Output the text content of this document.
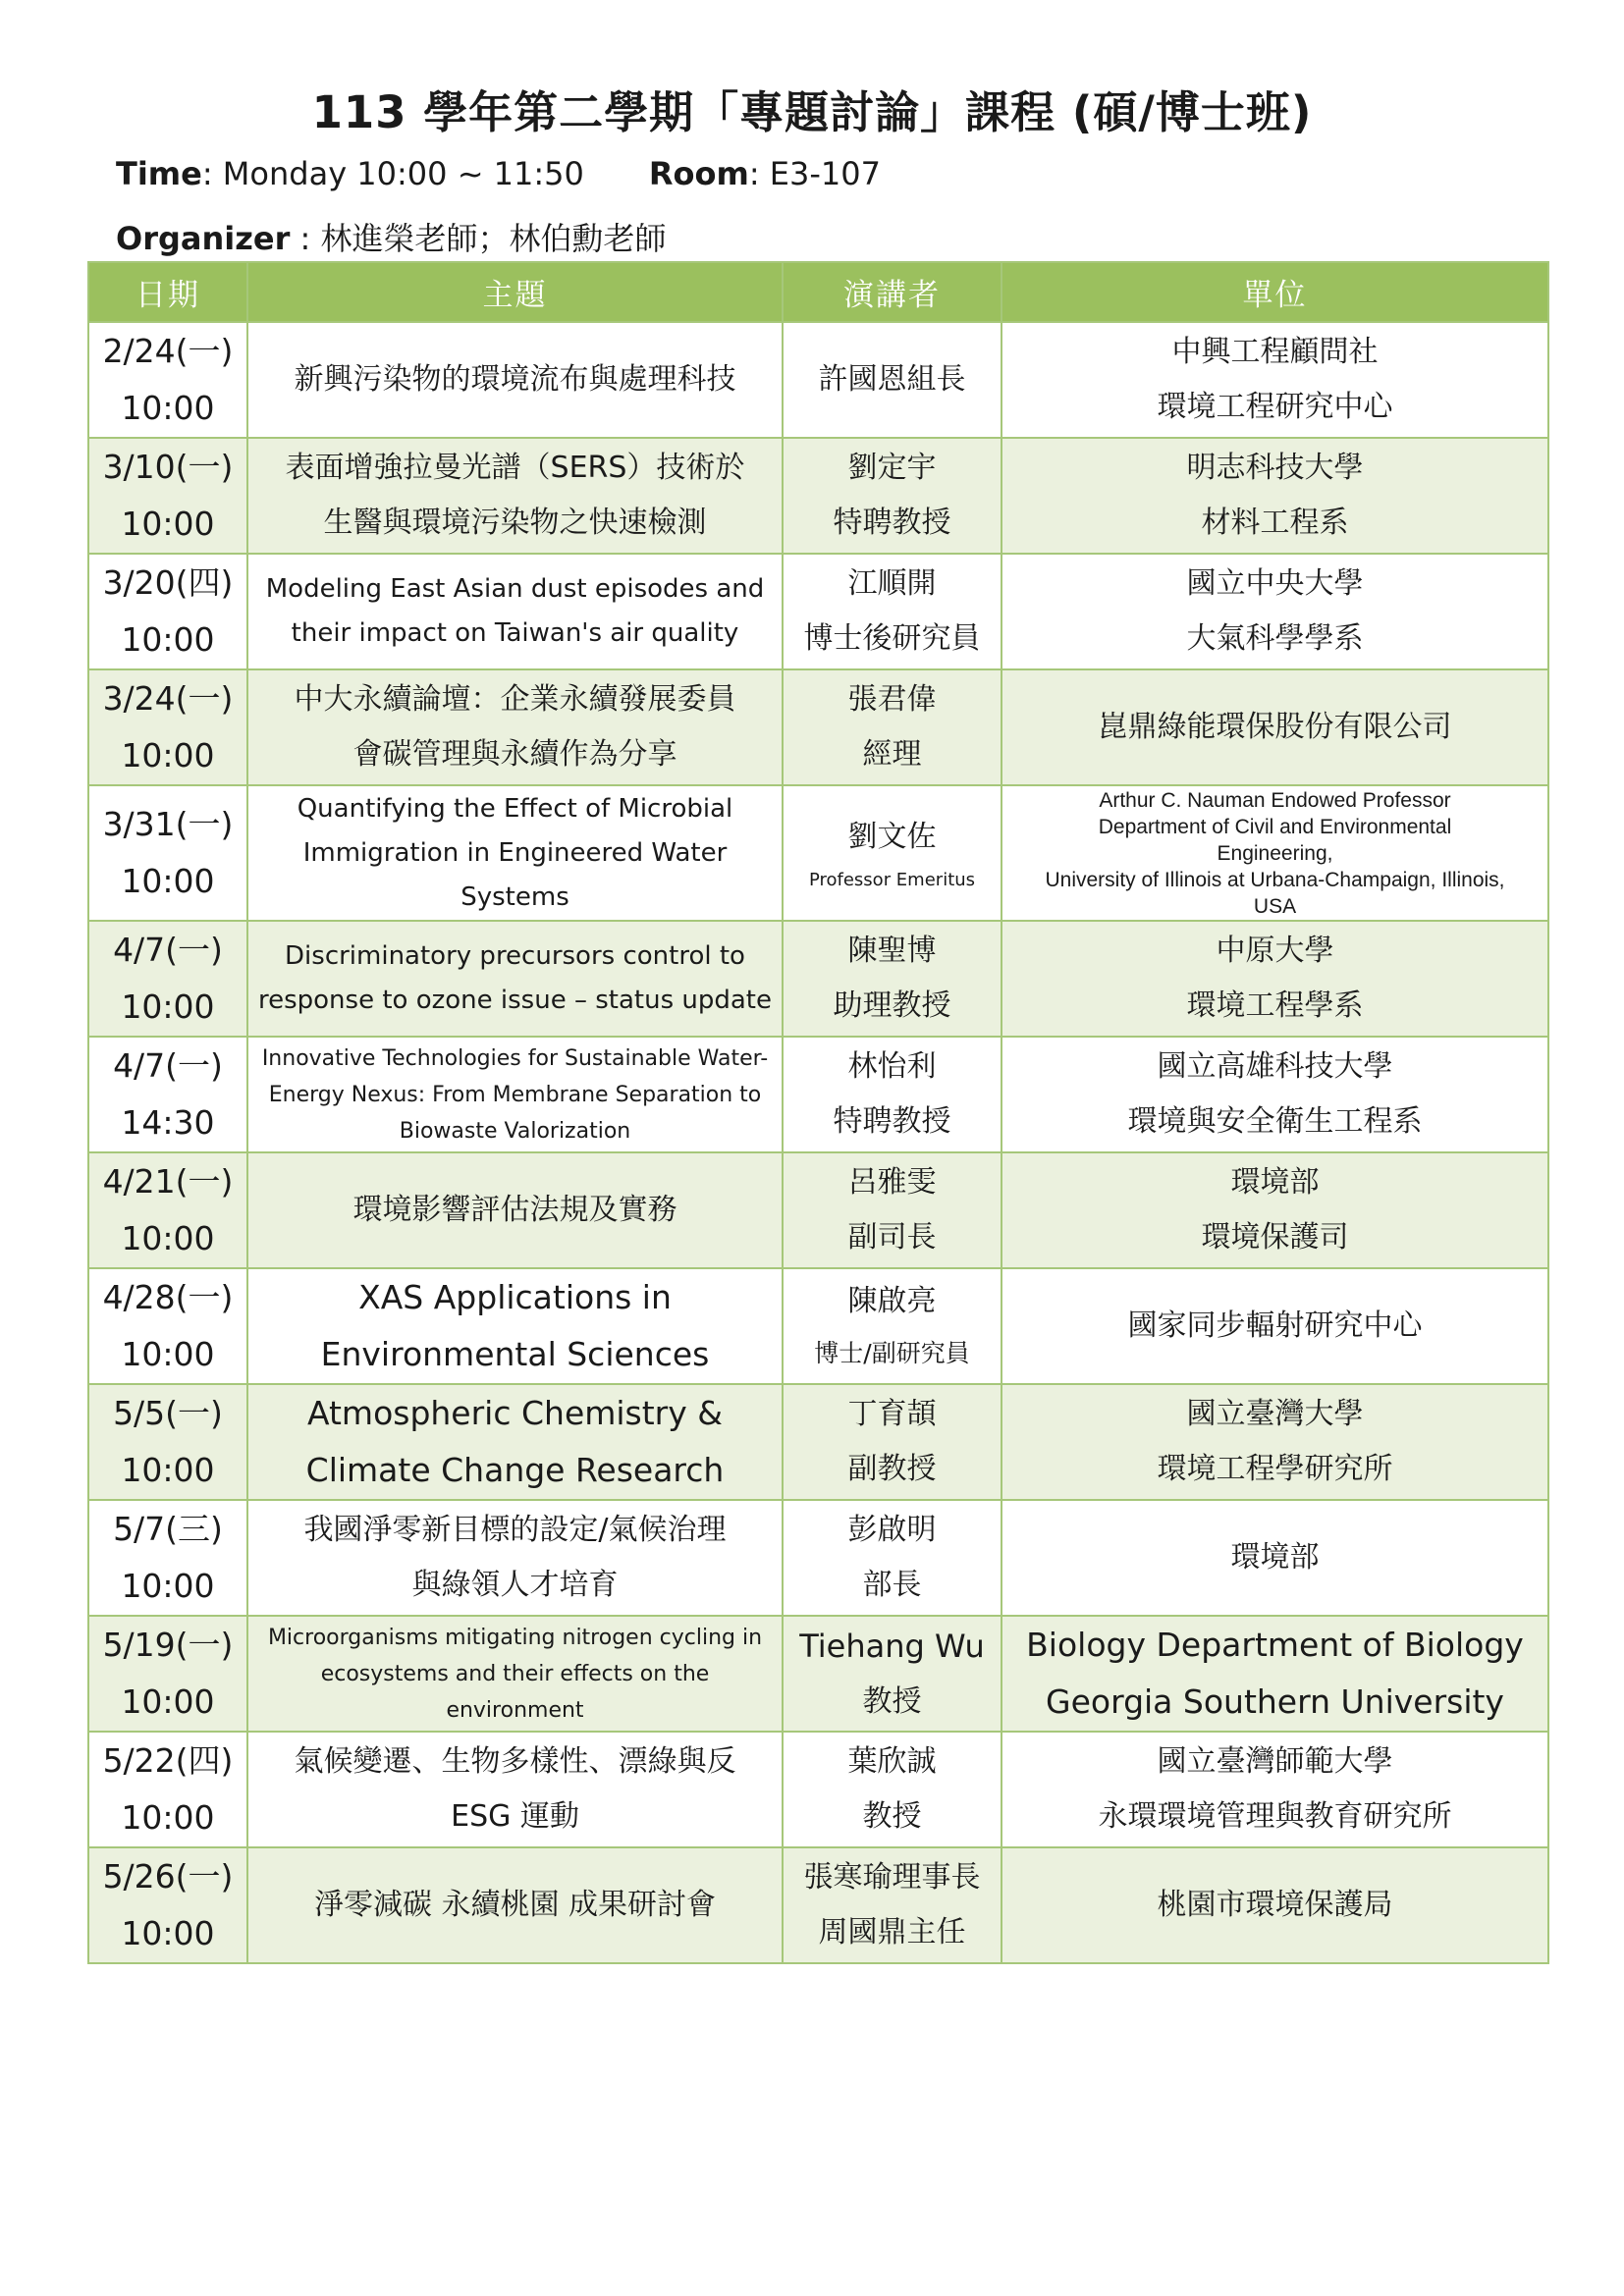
113 學年第二學期「專題討論」課程 (碩/博士班)
Time: Monday 10:00 ~ 11:50 Room: E3-107
Organizer : 林進榮老師；林伯勳老師
日期	主題	演講者	單位

2/24(一)
10:00	新興污染物的環境流布與處理科技	許國恩組長	中興工程顧問社
環境工程研究中心

3/10(一)
10:00	表面增強拉曼光譜（SERS）技術於
生醫與環境污染物之快速檢測	劉定宇
特聘教授	明志科技大學
材料工程系

3/20(四)
10:00	Modeling East Asian dust episodes and
their impact on Taiwan's air quality	江順開
博士後研究員	國立中央大學
大氣科學學系

3/24(一)
10:00	中大永續論壇：企業永續發展委員
會碳管理與永續作為分享	張君偉
經理	崑鼎綠能環保股份有限公司

3/31(一)
10:00	Quantifying the Effect of Microbial
Immigration in Engineered Water Systems	劉文佐
Professor Emeritus	Arthur C. Nauman Endowed Professor
Department of Civil and Environmental
Engineering,
University of Illinois at Urbana-Champaign, Illinois,
USA

4/7(一)
10:00	Discriminatory precursors control to
response to ozone issue – status update	陳聖博
助理教授	中原大學
環境工程學系

4/7(一)
14:30	Innovative Technologies for Sustainable Water-
Energy Nexus: From Membrane Separation to
Biowaste Valorization	林怡利
特聘教授	國立高雄科技大學
環境與安全衛生工程系

4/21(一)
10:00	環境影響評估法規及實務	呂雅雯
副司長	環境部
環境保護司

4/28(一)
10:00	XAS Applications in
Environmental Sciences	陳啟亮
博士/副研究員	國家同步輻射研究中心

5/5(一)
10:00	Atmospheric Chemistry &
Climate Change Research	丁育頡
副教授	國立臺灣大學
環境工程學研究所

5/7(三)
10:00	我國淨零新目標的設定/氣候治理
與綠領人才培育	彭啟明
部長	環境部

5/19(一)
10:00	Microorganisms mitigating nitrogen cycling in
ecosystems and their effects on the environment	Tiehang Wu
教授	Biology Department of Biology
Georgia Southern University

5/22(四)
10:00	氣候變遷、生物多樣性、漂綠與反
ESG 運動	葉欣誠
教授	國立臺灣師範大學
永環環境管理與教育研究所

5/26(一)
10:00	淨零減碳 永續桃園 成果研討會	張寒瑜理事長
周國鼎主任	桃園市環境保護局
